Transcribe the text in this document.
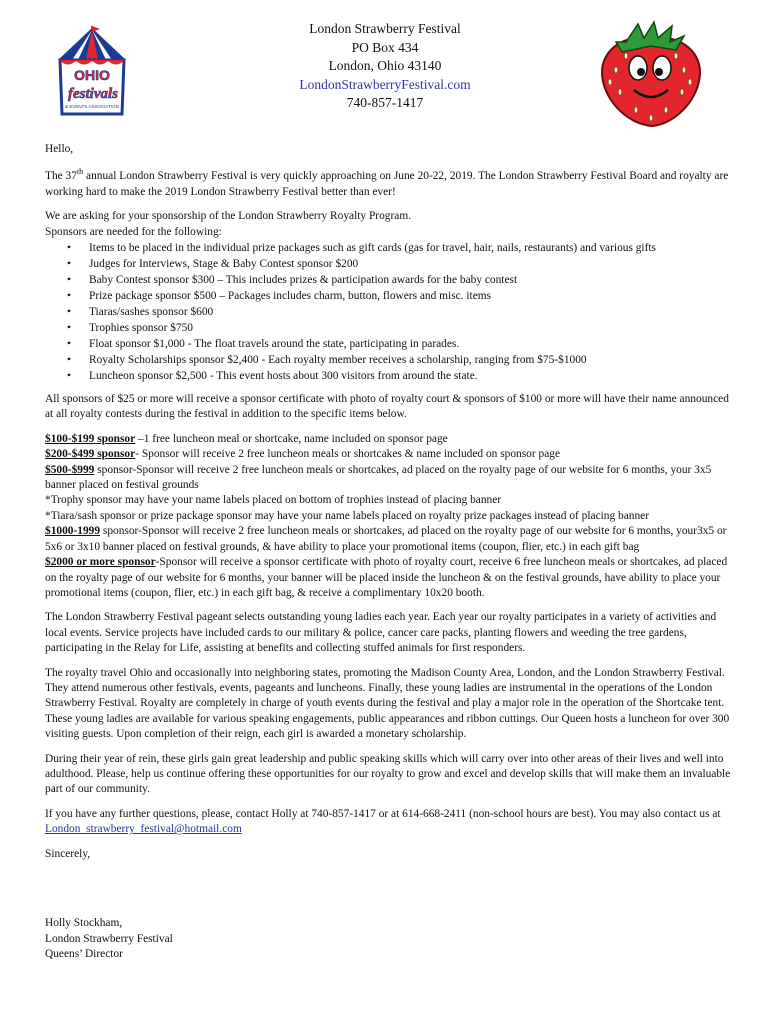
OHIO
festivals
& EVENTS ASSOCIATION
London Strawberry Festival
PO Box 434
London, Ohio 43140
LondonStrawberryFestival.com
740-857-1417

Hello,

The 37th annual London Strawberry Festival is very quickly approaching on June 20-22, 2019. The London Strawberry Festival Board and royalty are working hard to make the 2019 London Strawberry Festival better than ever!

We are asking for your sponsorship of the London Strawberry Royalty Program.
Sponsors are needed for the following:
• Items to be placed in the individual prize packages such as gift cards (gas for travel, hair, nails, restaurants) and various gifts
• Judges for Interviews, Stage & Baby Contest sponsor $200
• Baby Contest sponsor $300 – This includes prizes & participation awards for the baby contest
• Prize package sponsor $500 – Packages includes charm, button, flowers and misc. items
• Tiaras/sashes sponsor $600
• Trophies sponsor $750
• Float sponsor $1,000 - The float travels around the state, participating in parades.
• Royalty Scholarships sponsor $2,400 - Each royalty member receives a scholarship, ranging from $75-$1000
• Luncheon sponsor $2,500 - This event hosts about 300 visitors from around the state.

All sponsors of $25 or more will receive a sponsor certificate with photo of royalty court & sponsors of $100 or more will have their name announced at all royalty contests during the festival in addition to the specific items below.

$100-$199 sponsor –1 free luncheon meal or shortcake, name included on sponsor page

$200-$499 sponsor- Sponsor will receive 2 free luncheon meals or shortcakes & name included on sponsor page

$500-$999 sponsor-Sponsor will receive 2 free luncheon meals or shortcakes, ad placed on the royalty page of our website for 6 months, your 3x5 banner placed on festival grounds

*Trophy sponsor may have your name labels placed on bottom of trophies instead of placing banner

*Tiara/sash sponsor or prize package sponsor may have your name labels placed on royalty prize packages instead of placing banner

$1000-1999 sponsor-Sponsor will receive 2 free luncheon meals or shortcakes, ad placed on the royalty page of our website for 6 months, your3x5 or 5x6 or 3x10 banner placed on festival grounds, & have ability to place your promotional items (coupon, flier, etc.) in each gift bag

$2000 or more sponsor-Sponsor will receive a sponsor certificate with photo of royalty court, receive 6 free luncheon meals or shortcakes, ad placed on the royalty page of our website for 6 months, your banner will be placed inside the luncheon & on the festival grounds, have ability to place your promotional items (coupon, flier, etc.) in each gift bag, & receive a complimentary 10x20 booth.

The London Strawberry Festival pageant selects outstanding young ladies each year. Each year our royalty participates in a variety of activities and local events. Service projects have included cards to our military & police, cancer care packs, planting flowers and weeding the tree gardens, participating in the Relay for Life, assisting at benefits and collecting stuffed animals for first responders.

The royalty travel Ohio and occasionally into neighboring states, promoting the Madison County Area, London, and the London Strawberry Festival. They attend numerous other festivals, events, pageants and luncheons. Finally, these young ladies are instrumental in the operations of the London Strawberry Festival. Royalty are completely in charge of youth events during the festival and play a major role in the operation of the Shortcake tent. These young ladies are available for various speaking engagements, public appearances and ribbon cuttings. Our Queen hosts a luncheon for over 300 visiting guests. Upon completion of their reign, each girl is awarded a monetary scholarship.

During their year of rein, these girls gain great leadership and public speaking skills which will carry over into other areas of their lives and well into adulthood. Please, help us continue offering these opportunities for our royalty to grow and excel and develop skills that will make them an invaluable part of our community.

If you have any further questions, please, contact Holly at 740-857-1417 or at 614-668-2411 (non-school hours are best). You may also contact us at London_strawberry_festival@hotmail.com

Sincerely,

Holly Stockham,

London Strawberry Festival

Queens’ Director
